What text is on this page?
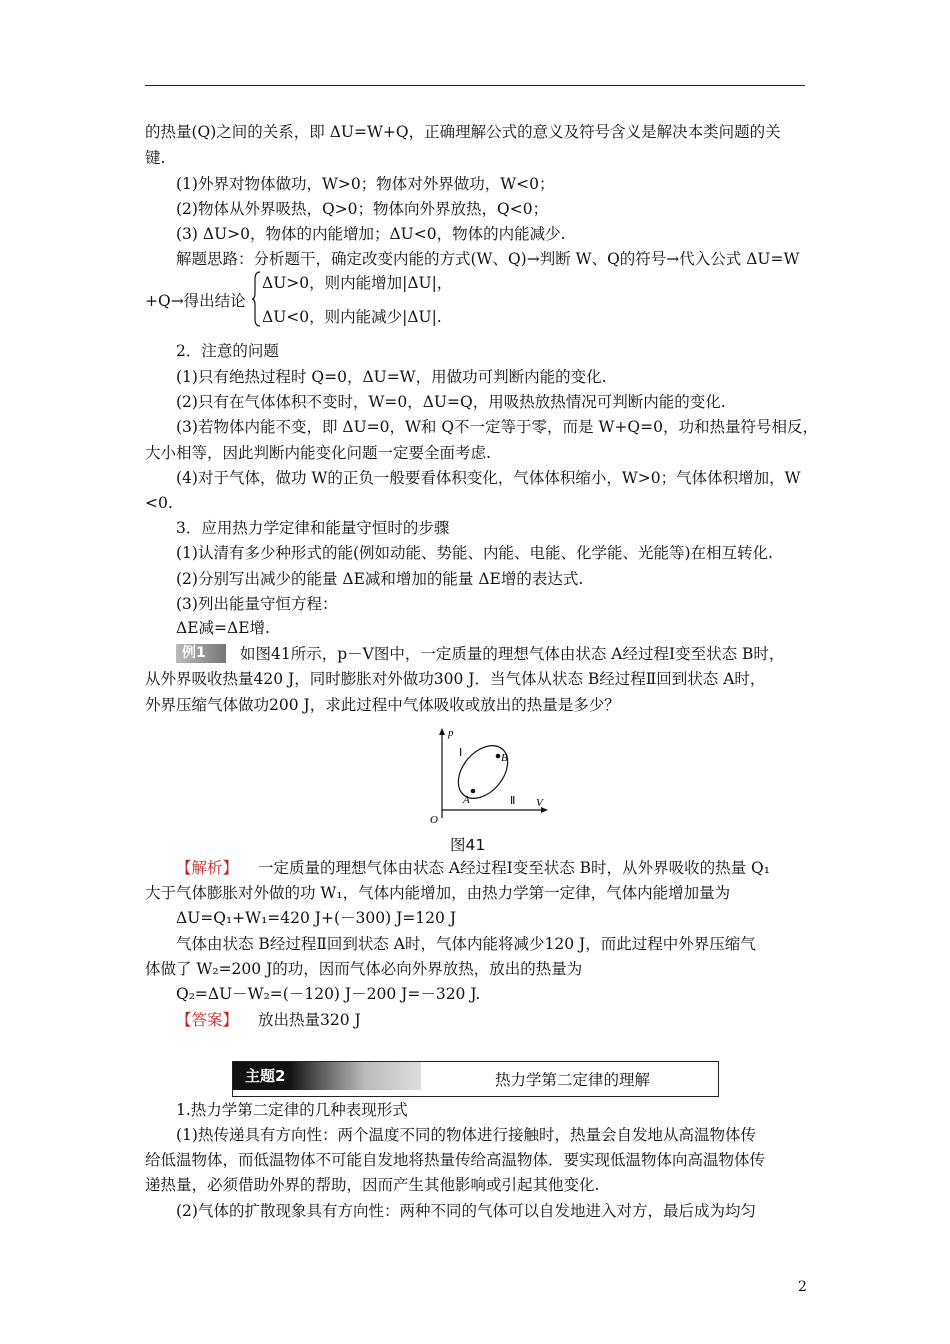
的热量(Q)之间的关系，即 ΔU=W+Q，正确理解公式的意义及符号含义是解决本类问题的关
键.
(1)外界对物体做功，W>0；物体对外界做功，W<0；
(2)物体从外界吸热，Q>0；物体向外界放热，Q<0；
(3) ΔU>0，物体的内能增加；ΔU<0，物体的内能减少.
解题思路：分析题干，确定改变内能的方式(W、Q)→判断 W、Q的符号→代入公式 ΔU=W
ΔU>0，则内能增加|ΔU|，
+Q→得出结论
ΔU<0，则内能减少|ΔU|.
2．注意的问题
(1)只有绝热过程时 Q=0，ΔU=W，用做功可判断内能的变化.
(2)只有在气体体积不变时，W=0，ΔU=Q，用吸热放热情况可判断内能的变化.
(3)若物体内能不变，即 ΔU=0，W和 Q不一定等于零，而是 W+Q=0，功和热量符号相反，
大小相等，因此判断内能变化问题一定要全面考虑.
(4)对于气体，做功 W的正负一般要看体积变化，气体体积缩小，W>0；气体体积增加，W
<0.
3．应用热力学定律和能量守恒时的步骤
(1)认清有多少种形式的能(例如动能、势能、内能、电能、化学能、光能等)在相互转化.
(2)分别写出减少的能量 ΔE减和增加的能量 ΔE增的表达式.
(3)列出能量守恒方程：
ΔE减=ΔE增.
例1	如图41所示，p－V图中，一定质量的理想气体由状态 A经过程Ⅰ变至状态 B时，
从外界吸收热量420 J，同时膨胀对外做功300 J．当气体从状态 B经过程Ⅱ回到状态 A时，
外界压缩气体做功200 J，求此过程中气体吸收或放出的热量是多少？
p
V
O
Ⅰ
Ⅱ
A
B
图41
【解析】 一定质量的理想气体由状态 A经过程Ⅰ变至状态 B时，从外界吸收的热量 Q₁
大于气体膨胀对外做的功 W₁，气体内能增加，由热力学第一定律，气体内能增加量为
ΔU=Q₁+W₁=420 J+(－300) J=120 J
气体由状态 B经过程Ⅱ回到状态 A时，气体内能将减少120 J，而此过程中外界压缩气
体做了 W₂=200 J的功，因而气体必向外界放热，放出的热量为
Q₂=ΔU－W₂=(－120) J－200 J=－320 J.
【答案】 放出热量320 J
主题2	热力学第二定律的理解
1.热力学第二定律的几种表现形式
(1)热传递具有方向性：两个温度不同的物体进行接触时，热量会自发地从高温物体传
给低温物体，而低温物体不可能自发地将热量传给高温物体．要实现低温物体向高温物体传
递热量，必须借助外界的帮助，因而产生其他影响或引起其他变化.
(2)气体的扩散现象具有方向性：两种不同的气体可以自发地进入对方，最后成为均匀
2
